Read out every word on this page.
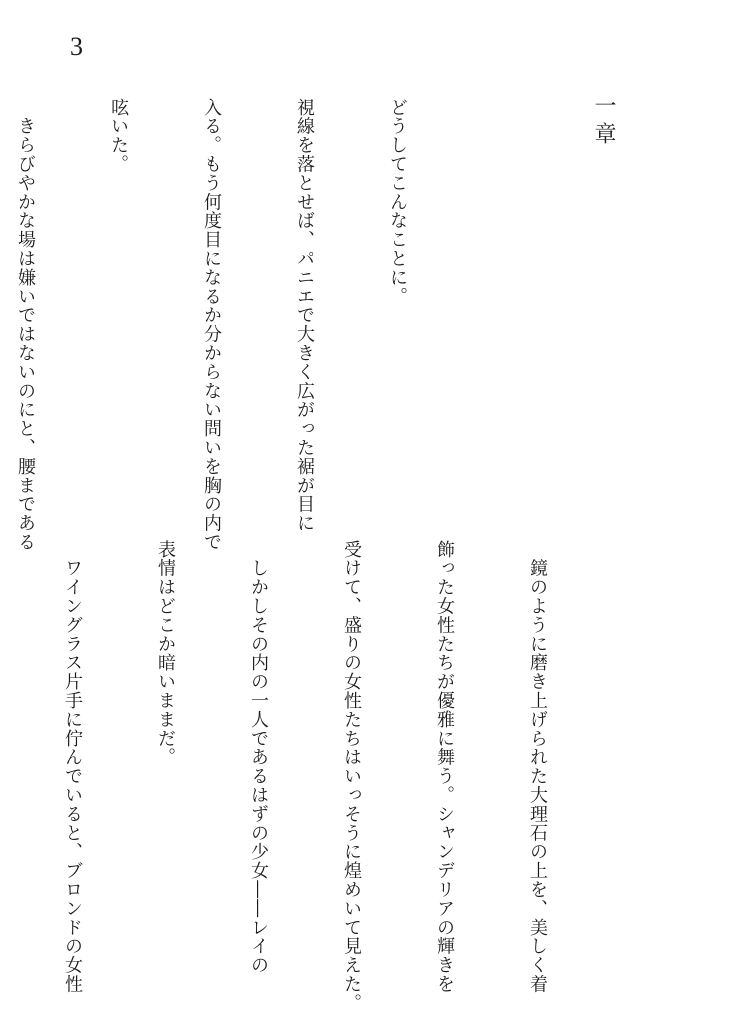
3
一章

どうしてこんなことに。

視線を落とせば、パニエで大きく広がった裾が目に

入る。もう何度目になるか分からない問いを胸の内で

呟いた。

　きらびやかな場は嫌いではないのにと、腰まである

　鏡のように磨き上げられた大理石の上を、美しく着

飾った女性たちが優雅に舞う。シャンデリアの輝きを

受けて、盛りの女性たちはいっそうに煌めいて見えた。

　しかしその内の一人であるはずの少女――レイの

表情はどこか暗いままだ。

　ワイングラス片手に佇んでいると、ブロンドの女性
